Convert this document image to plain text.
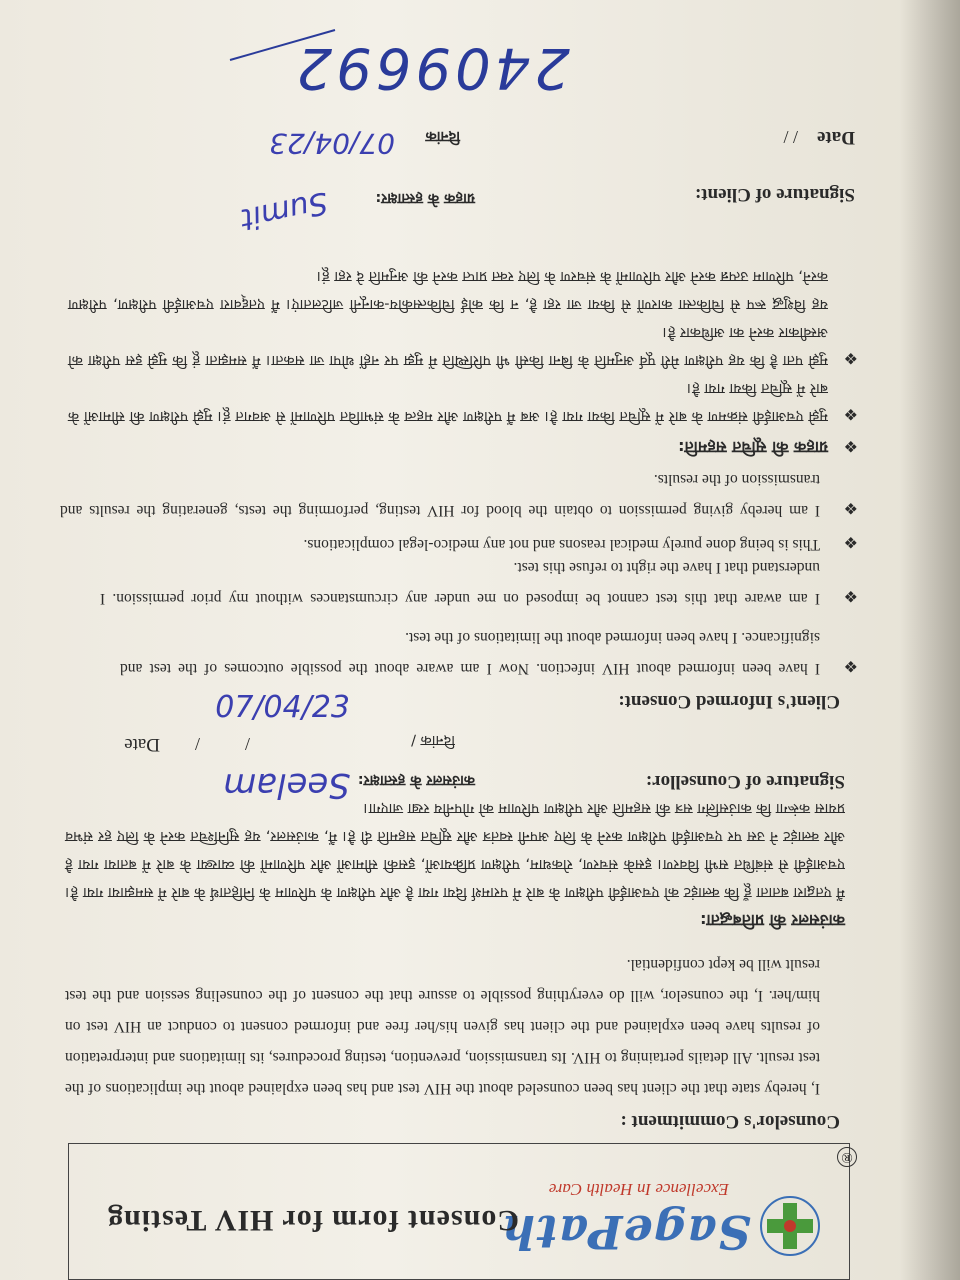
SagePath
Excellence In Health Care
®
Consent form for HIV Testing
Counselor's Commitment :
I, hereby state that the client has been counseled about the HIV test and has been explained about the implications of the test result. All details pertaining to HIV. Its transmission, prevention, testing procedures, its limitations and interpretation of results have been explained and the client has given his/her free and informed consent to conduct an HIV test on him/her. I, the counselor, will do everything possible to assure that the consent of the counseling session and the test result will be kept confidential.
काउंसलर की प्रतिबद्धता:
मैं एतद्वारा बताता हूँ कि क्लाइंट को एचआईवी परीक्षण के बारे में परामर्श दिया गया है और परीक्षण के परिणाम के निहितार्थ के बारे में समझाया गया है। एचआईवी से संबंधित सभी विवरण। इसके संचरण, रोकथाम, परीक्षण प्रक्रियाओं, इसकी सीमाओं और परिणामों की व्याख्या के बारे में बताया गया है और क्लाइंट ने उस पर एचआईवी परीक्षण करने के लिए अपनी स्वतंत्र और सूचित सहमति दी है। मैं, काउंसलर, यह सुनिश्चित करने के लिए हर संभव प्रयास करूंगा कि काउंसलिंग सत्र की सहमति और परीक्षण परिणाम को गोपनीय रखा जाएगा।
Signature of Counsellor:
काउंसलर के हस्ताक्षर:
Seelam
Date /          /	दिनांक /
07/04/23	Client's Informed Consent:
❖
I have been informed about HIV infection. Now I am aware about the possible outcomes of the test and significance. I have been informed about the limitations of the test.
❖
I am aware that this test cannot be imposed on me under any circumstances without my prior permission. I understand that I have the right to refuse this test.
❖
This is being done purely medical reasons and not any medico-legal complications.
❖
I am hereby giving permission to obtain the blood for HIV testing, performing the tests, generating the results and transmission of the results.
❖
ग्राहक की सूचित सहमति:
❖
मुझे एचआईवी संक्रमण के बारे में सूचित किया गया है। अब मैं परीक्षण और महत्व के संभावित परिणामों से अवगत हूं। मुझे परीक्षण की सीमाओं के बारे में सूचित किया गया है।
❖
मुझे पता है कि यह परीक्षण मेरी पूर्व अनुमति के बिना किसी भी परिस्थिति में मुझ पर नहीं थोपा जा सकता। मैं समझता हूं कि मुझे इस परीक्षा को अस्वीकार करने का अधिकार है।
यह विशुद्ध रूप से चिकित्सा कारणों से किया जा रहा है, न कि कोई चिकित्सकीय-कानूनी जटिलताएं। मैं एतद्द्वारा एचआईवी परीक्षण, परीक्षण करने, परिणाम उत्पन्न करने और परिणामों के संचरण के लिए रक्त प्राप्त करने की अनुमति दे रहा हूं।
Signature of Client:
ग्राहक के हस्ताक्षर:
Sumit
Date
/ /
दिनांक
07/04/23
2409692
